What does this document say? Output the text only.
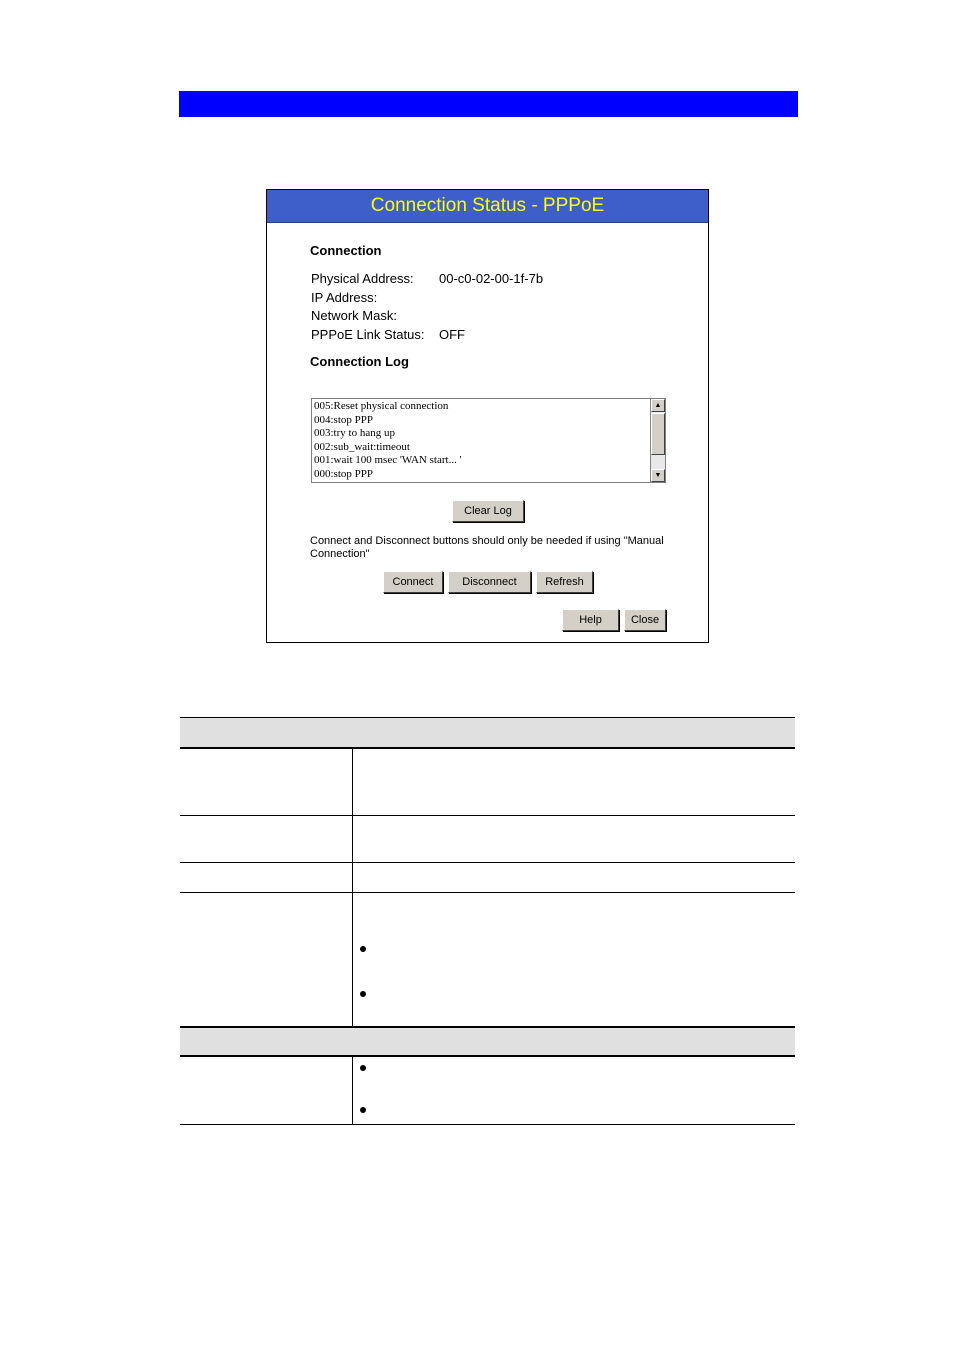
Connection Status - PPPoE
Connection
Physical Address: 00-c0-02-00-1f-7b
IP Address:
Network Mask:
PPPoE Link Status: OFF
Connection Log
005:Reset physical connection
004:stop PPP
003:try to hang up
002:sub_wait:timeout
001:wait 100 msec 'WAN start... '
000:stop PPP
▲
▼
Clear Log
Connect and Disconnect buttons should only be needed if using "Manual Connection"
Connect	Disconnect	Refresh
Help	Close
